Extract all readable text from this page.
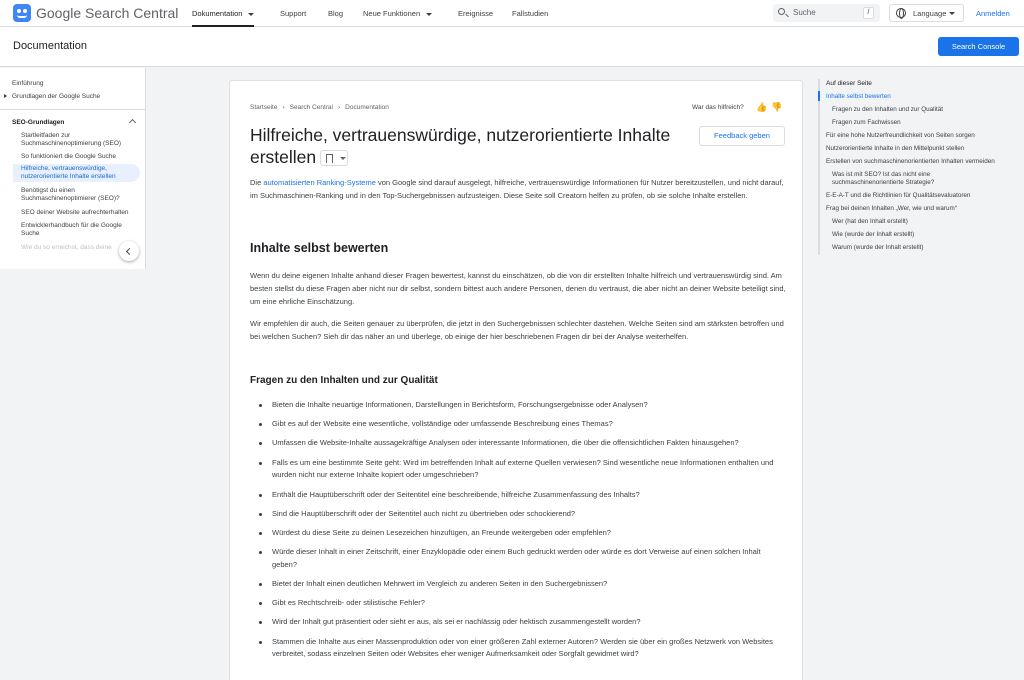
Google Search Central Dokumentation	Support	Blog	Neue Funktionen	Ereignisse	Fallstudien	Suche	/	Language	Anmelden
Documentation	Search Console
Einführung
Grundlagen der Google Suche
SEO-Grundlagen
Startleitfaden zur Suchmaschinenoptimierung (SEO)
So funktioniert die Google Suche
Hilfreiche, vertrauenswürdige, nutzerorientierte Inhalte erstellen
Benötigst du einen Suchmaschinenoptimierer (SEO)?
SEO deiner Website aufrechterhalten
Entwicklerhandbuch für die Google Suche
Wie du so erreichst, dass deine
Startseite › Search Central › Documentation	War das hilfreich? 👍 👎
Hilfreiche, vertrauenswürdige, nutzerorientierte Inhalte erstellen
Feedback geben

Die automatisierten Ranking-Systeme von Google sind darauf ausgelegt, hilfreiche, vertrauenswürdige Informationen für Nutzer bereitzustellen, und nicht darauf, im Suchmaschinen-Ranking und in den Top-Suchergebnissen aufzusteigen. Diese Seite soll Creatorn helfen zu prüfen, ob sie solche Inhalte erstellen.

Inhalte selbst bewerten

Wenn du deine eigenen Inhalte anhand dieser Fragen bewertest, kannst du einschätzen, ob die von dir erstellten Inhalte hilfreich und vertrauenswürdig sind. Am besten stellst du diese Fragen aber nicht nur dir selbst, sondern bittest auch andere Personen, denen du vertraust, die aber nicht an deiner Website beteiligt sind, um eine ehrliche Einschätzung.

Wir empfehlen dir auch, die Seiten genauer zu überprüfen, die jetzt in den Suchergebnissen schlechter dastehen. Welche Seiten sind am stärksten betroffen und bei welchen Suchen? Sieh dir das näher an und überlege, ob einige der hier beschriebenen Fragen dir bei der Analyse weiterhelfen.

Fragen zu den Inhalten und zur Qualität
Bieten die Inhalte neuartige Informationen, Darstellungen in Berichtsform, Forschungsergebnisse oder Analysen?
Gibt es auf der Website eine wesentliche, vollständige oder umfassende Beschreibung eines Themas?
Umfassen die Website-Inhalte aussagekräftige Analysen oder interessante Informationen, die über die offensichtlichen Fakten hinausgehen?
Falls es um eine bestimmte Seite geht: Wird im betreffenden Inhalt auf externe Quellen verwiesen? Sind wesentliche neue Informationen enthalten und wurden nicht nur externe Inhalte kopiert oder umgeschrieben?
Enthält die Hauptüberschrift oder der Seitentitel eine beschreibende, hilfreiche Zusammenfassung des Inhalts?
Sind die Hauptüberschrift oder der Seitentitel auch nicht zu übertrieben oder schockierend?
Würdest du diese Seite zu deinen Lesezeichen hinzufügen, an Freunde weitergeben oder empfehlen?
Würde dieser Inhalt in einer Zeitschrift, einer Enzyklopädie oder einem Buch gedruckt werden oder würde es dort Verweise auf einen solchen Inhalt geben?
Bietet der Inhalt einen deutlichen Mehrwert im Vergleich zu anderen Seiten in den Suchergebnissen?
Gibt es Rechtschreib- oder stilistische Fehler?
Wird der Inhalt gut präsentiert oder sieht er aus, als sei er nachlässig oder hektisch zusammengestellt worden?
Stammen die Inhalte aus einer Massenproduktion oder von einer größeren Zahl externer Autoren? Werden sie über ein großes Netzwerk von Websites verbreitet, sodass einzelnen Seiten oder Websites eher weniger Aufmerksamkeit oder Sorgfalt gewidmet wird?
Auf dieser Seite
Inhalte selbst bewerten
Fragen zu den Inhalten und zur Qualität
Fragen zum Fachwissen
Für eine hohe Nutzerfreundlichkeit von Seiten sorgen
Nutzerorientierte Inhalte in den Mittelpunkt stellen
Erstellen von suchmaschinenorientierten Inhalten vermeiden
Was ist mit SEO? Ist das nicht eine suchmaschinenorientierte Strategie?
E-E-A-T und die Richtlinien für Qualitätsevaluatoren
Frag bei deinen Inhalten „Wer, wie und warum“
Wer (hat den Inhalt erstellt)
Wie (wurde der Inhalt erstellt)
Warum (wurde der Inhalt erstellt)
